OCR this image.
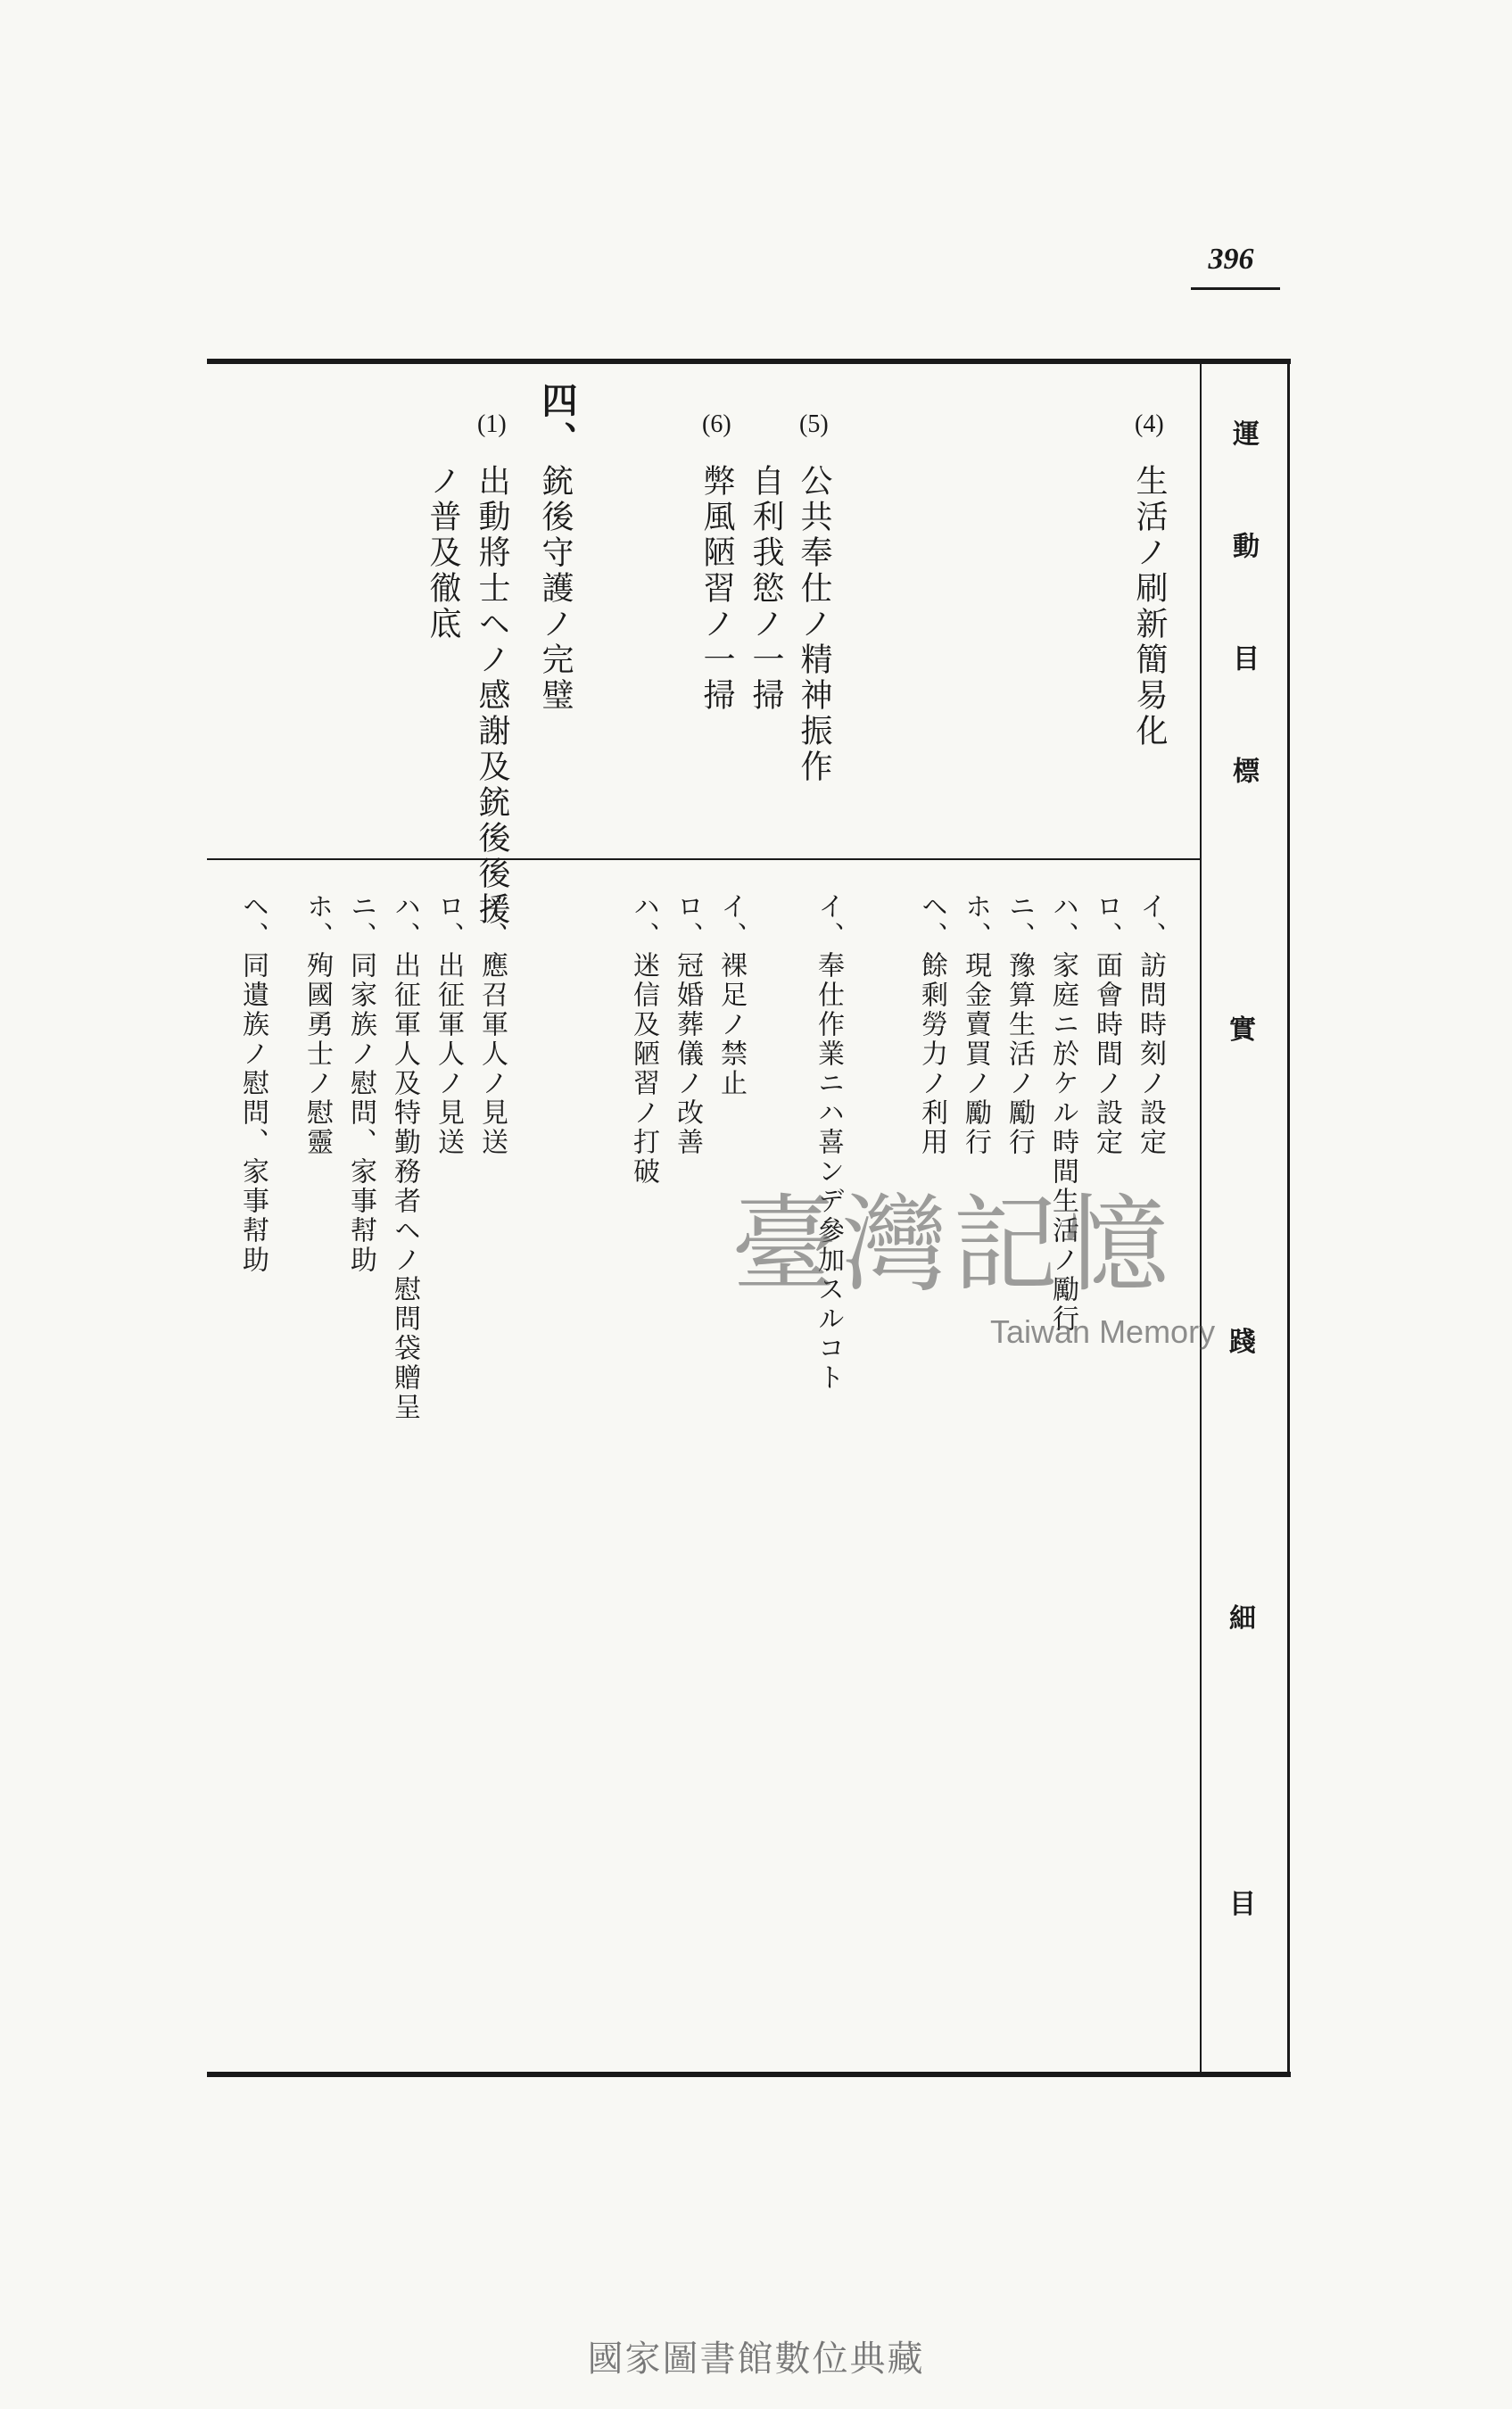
396
運動目標
實
踐
細
目
(4)
生活ノ刷新簡易化
(5)
公共奉仕ノ精神振作
自利我慾ノ一掃
(6)
弊風陋習ノ一掃
四、
銃後守護ノ完璧
(1)
出動將士ヘノ感謝及銃後後援
ノ普及徹底
イ、訪問時刻ノ設定
ロ、面會時間ノ設定
ハ、家庭ニ於ケル時間生活ノ勵行
ニ、豫算生活ノ勵行
ホ、現金賣買ノ勵行
ヘ、餘剩勞力ノ利用
イ、奉仕作業ニハ喜ンデ參加スルコト
イ、裸足ノ禁止
ロ、冠婚葬儀ノ改善
ハ、迷信及陋習ノ打破
イ、應召軍人ノ見送
ロ、出征軍人ノ見送
ハ、出征軍人及特勤務者ヘノ慰問袋贈呈
ニ、同家族ノ慰問、家事幇助
ホ、殉國勇士ノ慰靈
ヘ、同遺族ノ慰問、家事幇助	臺灣記憶
Taiwan Memory
國家圖書館數位典藏
